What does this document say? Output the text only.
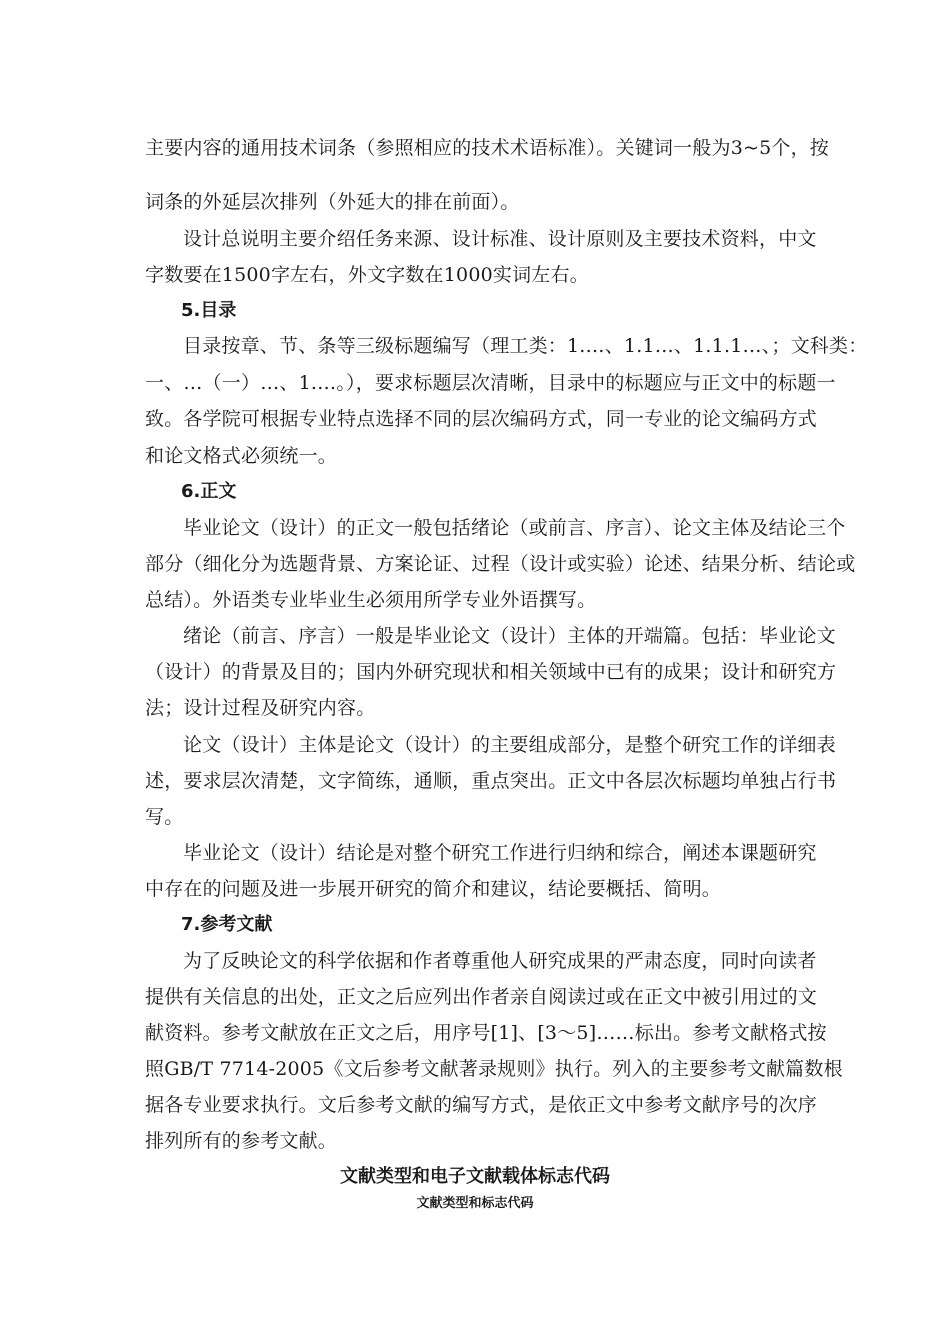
主要内容的通用技术词条（参照相应的技术术语标准）。关键词一般为3~5个，按
词条的外延层次排列（外延大的排在前面）。
设计总说明主要介绍任务来源、设计标准、设计原则及主要技术资料，中文
字数要在1500字左右，外文字数在1000实词左右。
5.目录
目录按章、节、条等三级标题编写（理工类：1.…、1.1…、1.1.1…、；文科类：
一、…（一）…、1.…。），要求标题层次清晰，目录中的标题应与正文中的标题一
致。各学院可根据专业特点选择不同的层次编码方式，同一专业的论文编码方式
和论文格式必须统一。
6.正文
毕业论文（设计）的正文一般包括绪论（或前言、序言）、论文主体及结论三个
部分（细化分为选题背景、方案论证、过程（设计或实验）论述、结果分析、结论或
总结）。外语类专业毕业生必须用所学专业外语撰写。
绪论（前言、序言）一般是毕业论文（设计）主体的开端篇。包括：毕业论文
（设计）的背景及目的；国内外研究现状和相关领域中已有的成果；设计和研究方
法；设计过程及研究内容。
论文（设计）主体是论文（设计）的主要组成部分，是整个研究工作的详细表
述，要求层次清楚，文字简练，通顺，重点突出。正文中各层次标题均单独占行书
写。
毕业论文（设计）结论是对整个研究工作进行归纳和综合，阐述本课题研究
中存在的问题及进一步展开研究的简介和建议，结论要概括、简明。
7.参考文献
为了反映论文的科学依据和作者尊重他人研究成果的严肃态度，同时向读者
提供有关信息的出处，正文之后应列出作者亲自阅读过或在正文中被引用过的文
献资料。参考文献放在正文之后，用序号[1]、[3～5]……标出。参考文献格式按
照GB/T 7714-2005《文后参考文献著录规则》执行。列入的主要参考文献篇数根
据各专业要求执行。文后参考文献的编写方式，是依正文中参考文献序号的次序
排列所有的参考文献。
文献类型和电子文献载体标志代码
文献类型和标志代码
